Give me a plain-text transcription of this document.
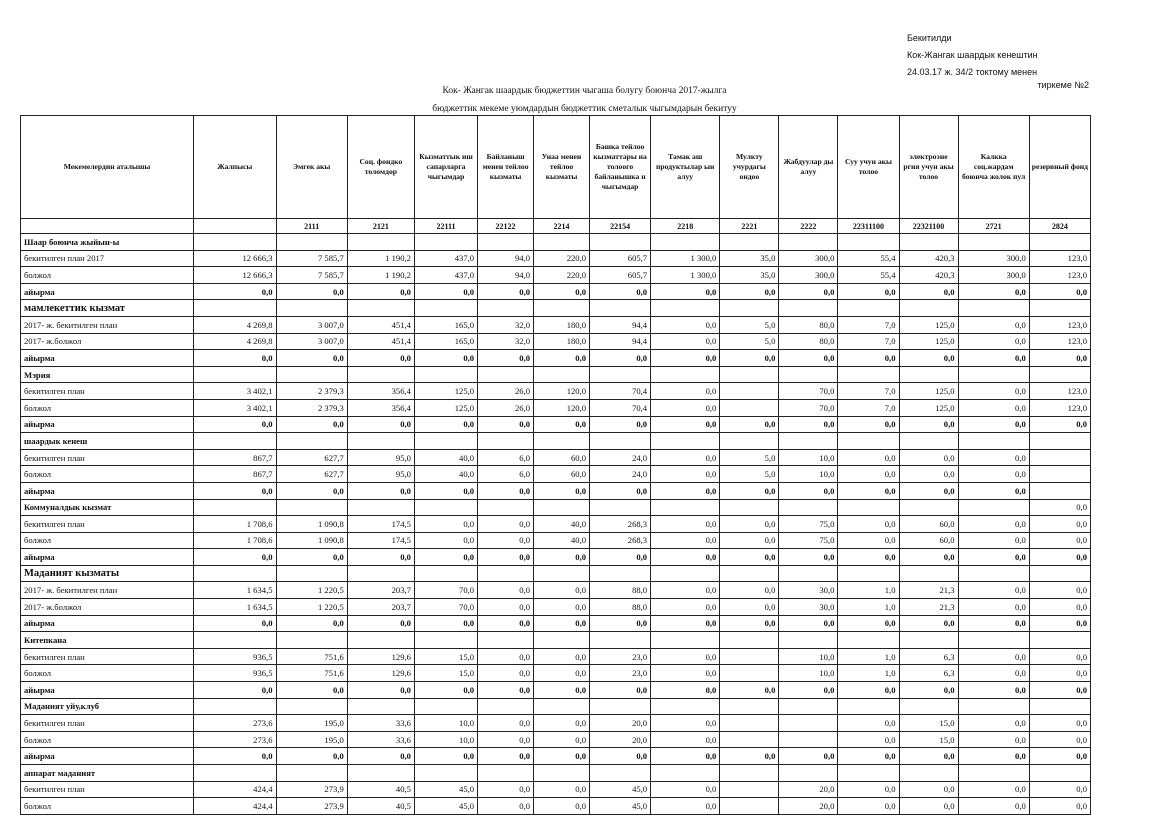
Бекитилди
Кок-Жангак шаардык кенештин
24.03.17 ж. 34/2 токтому менен
тиркеме №2
Кок- Жангак шаардык бюджеттин чыгаша болугу боюнча 2017-жылга
бюджеттик мекеме уюмдардын бюджеттик сметалык чыгымдарын бекитуу
Мекемелердин аталышы	Жалпысы	Эмгек акы	Соц. фондко толомдор	Кызматтык иш сапарларга чыгымдар	Байланыш менен тейлоо кызматы	Унаа менен тейлоо кызматы	Башка тейлоо кызматтары на толоого байланышка н чыгымдар	Тамак аш продуктылар ын алуу	Мулкту учурдагы ондоо	Жабдуулар ды алуу	Суу учун акы толоо	электроэне ргия учун акы толоо	Калкка соц.жардам боюнча жолок пул	резервный фонд
		2111	2121	22111	22122	2214	22154	2218	2221	2222	22311100	22321100	2721	2824
Шаар боюнча жыйын-ы														
бекитилген план 2017	12 666,3	7 585,7	1 190,2	437,0	94,0	220,0	605,7	1 300,0	35,0	300,0	55,4	420,3	300,0	123,0
болжол	12 666,3	7 585,7	1 190,2	437,0	94,0	220,0	605,7	1 300,0	35,0	300,0	55,4	420,3	300,0	123,0
айырма	0,0	0,0	0,0	0,0	0,0	0,0	0,0	0,0	0,0	0,0	0,0	0,0	0,0	0,0
мамлекеттик кызмат														
2017- ж. бекитилген план	4 269,8	3 007,0	451,4	165,0	32,0	180,0	94,4	0,0	5,0	80,0	7,0	125,0	0,0	123,0
2017- ж.болжол	4 269,8	3 007,0	451,4	165,0	32,0	180,0	94,4	0,0	5,0	80,0	7,0	125,0	0,0	123,0
айырма	0,0	0,0	0,0	0,0	0,0	0,0	0,0	0,0	0,0	0,0	0,0	0,0	0,0	0,0
Мэрия														
бекитилген план	3 402,1	2 379,3	356,4	125,0	26,0	120,0	70,4	0,0		70,0	7,0	125,0	0,0	123,0
болжол	3 402,1	2 379,3	356,4	125,0	26,0	120,0	70,4	0,0		70,0	7,0	125,0	0,0	123,0
айырма	0,0	0,0	0,0	0,0	0,0	0,0	0,0	0,0	0,0	0,0	0,0	0,0	0,0	0,0
шаардык кенеш														
бекитилген план	867,7	627,7	95,0	40,0	6,0	60,0	24,0	0,0	5,0	10,0	0,0	0,0	0,0	
болжол	867,7	627,7	95,0	40,0	6,0	60,0	24,0	0,0	5,0	10,0	0,0	0,0	0,0	
айырма	0,0	0,0	0,0	0,0	0,0	0,0	0,0	0,0	0,0	0,0	0,0	0,0	0,0	
Коммуналдык кызмат														0,0
бекитилген план	1 708,6	1 090,8	174,5	0,0	0,0	40,0	268,3	0,0	0,0	75,0	0,0	60,0	0,0	0,0
болжол	1 708,6	1 090,8	174,5	0,0	0,0	40,0	268,3	0,0	0,0	75,0	0,0	60,0	0,0	0,0
айырма	0,0	0,0	0,0	0,0	0,0	0,0	0,0	0,0	0,0	0,0	0,0	0,0	0,0	0,0
Маданият кызматы														
2017- ж. бекитилген план	1 634,5	1 220,5	203,7	70,0	0,0	0,0	88,0	0,0	0,0	30,0	1,0	21,3	0,0	0,0
2017- ж.болжол	1 634,5	1 220,5	203,7	70,0	0,0	0,0	88,0	0,0	0,0	30,0	1,0	21,3	0,0	0,0
айырма	0,0	0,0	0,0	0,0	0,0	0,0	0,0	0,0	0,0	0,0	0,0	0,0	0,0	0,0
Китепкана														
бекитилген план	936,5	751,6	129,6	15,0	0,0	0,0	23,0	0,0		10,0	1,0	6,3	0,0	0,0
болжол	936,5	751,6	129,6	15,0	0,0	0,0	23,0	0,0		10,0	1,0	6,3	0,0	0,0
айырма	0,0	0,0	0,0	0,0	0,0	0,0	0,0	0,0	0,0	0,0	0,0	0,0	0,0	0,0
Маданият уйу,клуб														
бекитилген план	273,6	195,0	33,6	10,0	0,0	0,0	20,0	0,0			0,0	15,0	0,0	0,0
болжол	273,6	195,0	33,6	10,0	0,0	0,0	20,0	0,0			0,0	15,0	0,0	0,0
айырма	0,0	0,0	0,0	0,0	0,0	0,0	0,0	0,0	0,0	0,0	0,0	0,0	0,0	0,0
аппарат маданият														
бекитилген план	424,4	273,9	40,5	45,0	0,0	0,0	45,0	0,0		20,0	0,0	0,0	0,0	0,0
болжол	424,4	273,9	40,5	45,0	0,0	0,0	45,0	0,0		20,0	0,0	0,0	0,0	0,0
